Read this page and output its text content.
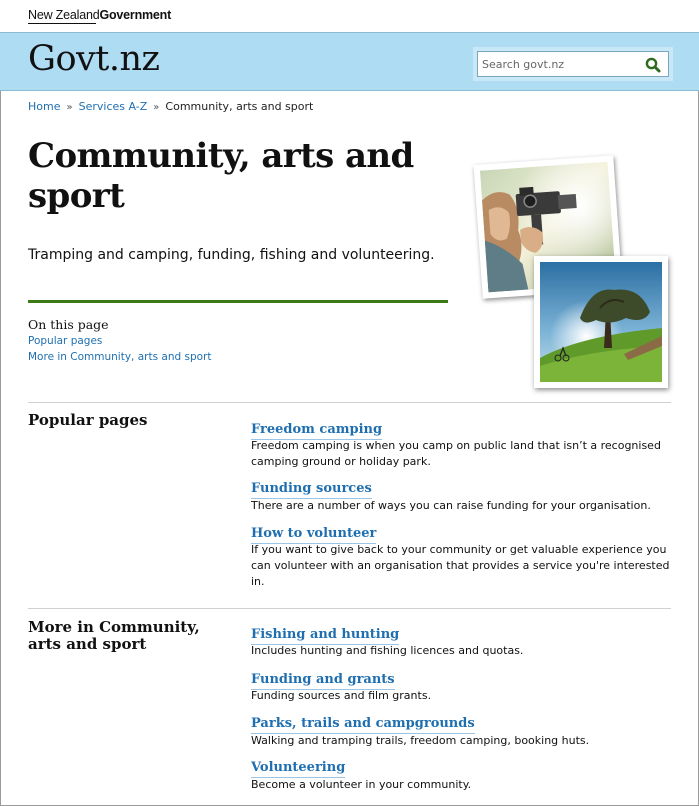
New ZealandGovernment
Govt.nz
Search govt.nz
Home » Services A-Z » Community, arts and sport
Community, arts and sport

Tramping and camping, funding, fishing and volunteering.

On this page
Popular pages
More in Community, arts and sport
Popular pages
Freedom camping

Freedom camping is when you camp on public land that isn’t a recognised camping ground or holiday park.

Funding sources

There are a number of ways you can raise funding for your organisation.

How to volunteer

If you want to give back to your community or get valuable experience you can volunteer with an organisation that provides a service you're interested in.

More in Community, arts and sport
Fishing and hunting

Includes hunting and fishing licences and quotas.

Funding and grants

Funding sources and film grants.

Parks, trails and campgrounds

Walking and tramping trails, freedom camping, booking huts.

Volunteering

Become a volunteer in your community.
